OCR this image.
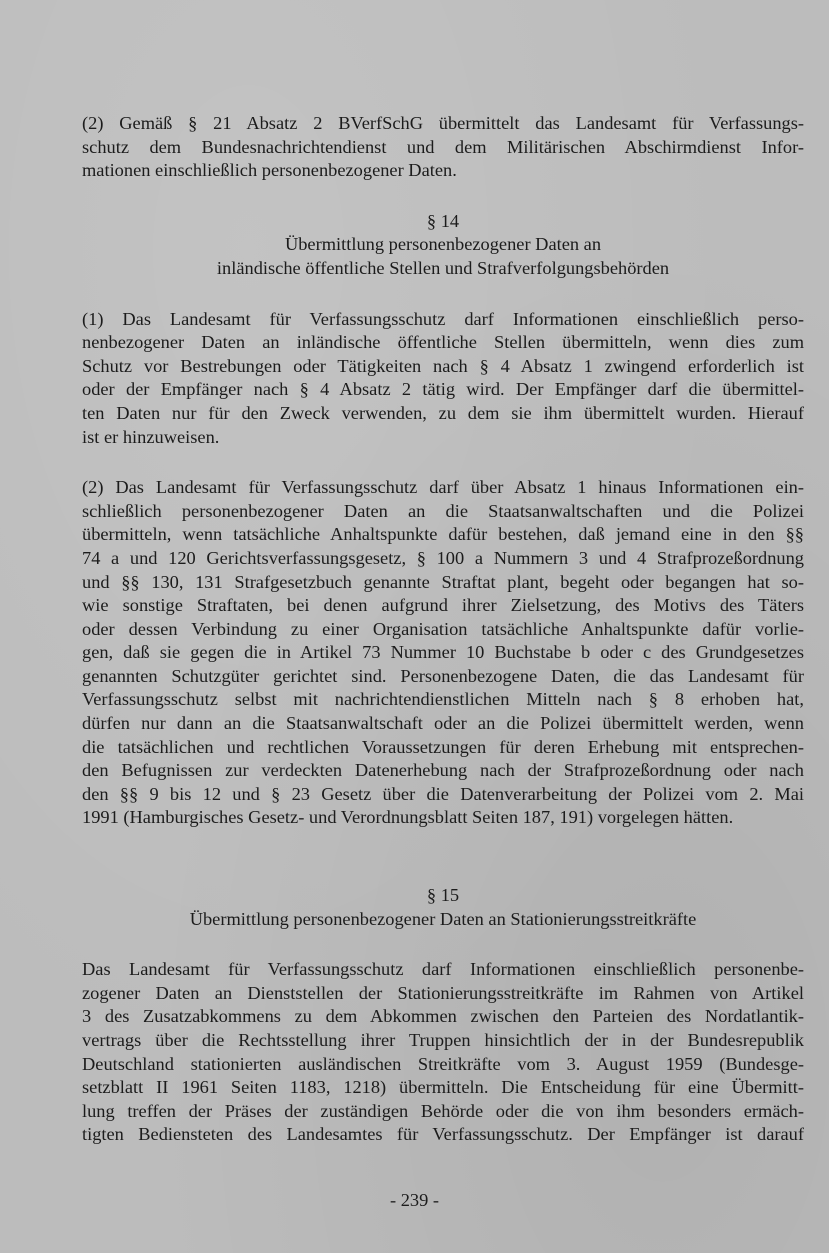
(2) Gemäß § 21 Absatz 2 BVerfSchG übermittelt das Landesamt für Verfassungs-
schutz dem Bundesnachrichtendienst und dem Militärischen Abschirmdienst Infor-
mationen einschließlich personenbezogener Daten.
§ 14
Übermittlung personenbezogener Daten an
inländische öffentliche Stellen und Strafverfolgungsbehörden
(1) Das Landesamt für Verfassungsschutz darf Informationen einschließlich perso-
nenbezogener Daten an inländische öffentliche Stellen übermitteln, wenn dies zum
Schutz vor Bestrebungen oder Tätigkeiten nach § 4 Absatz 1 zwingend erforderlich ist
oder der Empfänger nach § 4 Absatz 2 tätig wird. Der Empfänger darf die übermittel-
ten Daten nur für den Zweck verwenden, zu dem sie ihm übermittelt wurden. Hierauf
ist er hinzuweisen.
(2) Das Landesamt für Verfassungsschutz darf über Absatz 1 hinaus Informationen ein-
schließlich personenbezogener Daten an die Staatsanwaltschaften und die Polizei
übermitteln, wenn tatsächliche Anhaltspunkte dafür bestehen, daß jemand eine in den §§
74 a und 120 Gerichtsverfassungsgesetz, § 100 a Nummern 3 und 4 Strafprozeßordnung
und §§ 130, 131 Strafgesetzbuch genannte Straftat plant, begeht oder begangen hat so-
wie sonstige Straftaten, bei denen aufgrund ihrer Zielsetzung, des Motivs des Täters
oder dessen Verbindung zu einer Organisation tatsächliche Anhaltspunkte dafür vorlie-
gen, daß sie gegen die in Artikel 73 Nummer 10 Buchstabe b oder c des Grundgesetzes
genannten Schutzgüter gerichtet sind. Personenbezogene Daten, die das Landesamt für
Verfassungsschutz selbst mit nachrichtendienstlichen Mitteln nach § 8 erhoben hat,
dürfen nur dann an die Staatsanwaltschaft oder an die Polizei übermittelt werden, wenn
die tatsächlichen und rechtlichen Voraussetzungen für deren Erhebung mit entsprechen-
den Befugnissen zur verdeckten Datenerhebung nach der Strafprozeßordnung oder nach
den §§ 9 bis 12 und § 23 Gesetz über die Datenverarbeitung der Polizei vom 2. Mai
1991 (Hamburgisches Gesetz- und Verordnungsblatt Seiten 187, 191) vorgelegen hätten.
§ 15
Übermittlung personenbezogener Daten an Stationierungsstreitkräfte
Das Landesamt für Verfassungsschutz darf Informationen einschließlich personenbe-
zogener Daten an Dienststellen der Stationierungsstreitkräfte im Rahmen von Artikel
3 des Zusatzabkommens zu dem Abkommen zwischen den Parteien des Nordatlantik-
vertrags über die Rechtsstellung ihrer Truppen hinsichtlich der in der Bundesrepublik
Deutschland stationierten ausländischen Streitkräfte vom 3. August 1959 (Bundesge-
setzblatt II 1961 Seiten 1183, 1218) übermitteln. Die Entscheidung für eine Übermitt-
lung treffen der Präses der zuständigen Behörde oder die von ihm besonders ermäch-
tigten Bediensteten des Landesamtes für Verfassungsschutz. Der Empfänger ist darauf
- 239 -
